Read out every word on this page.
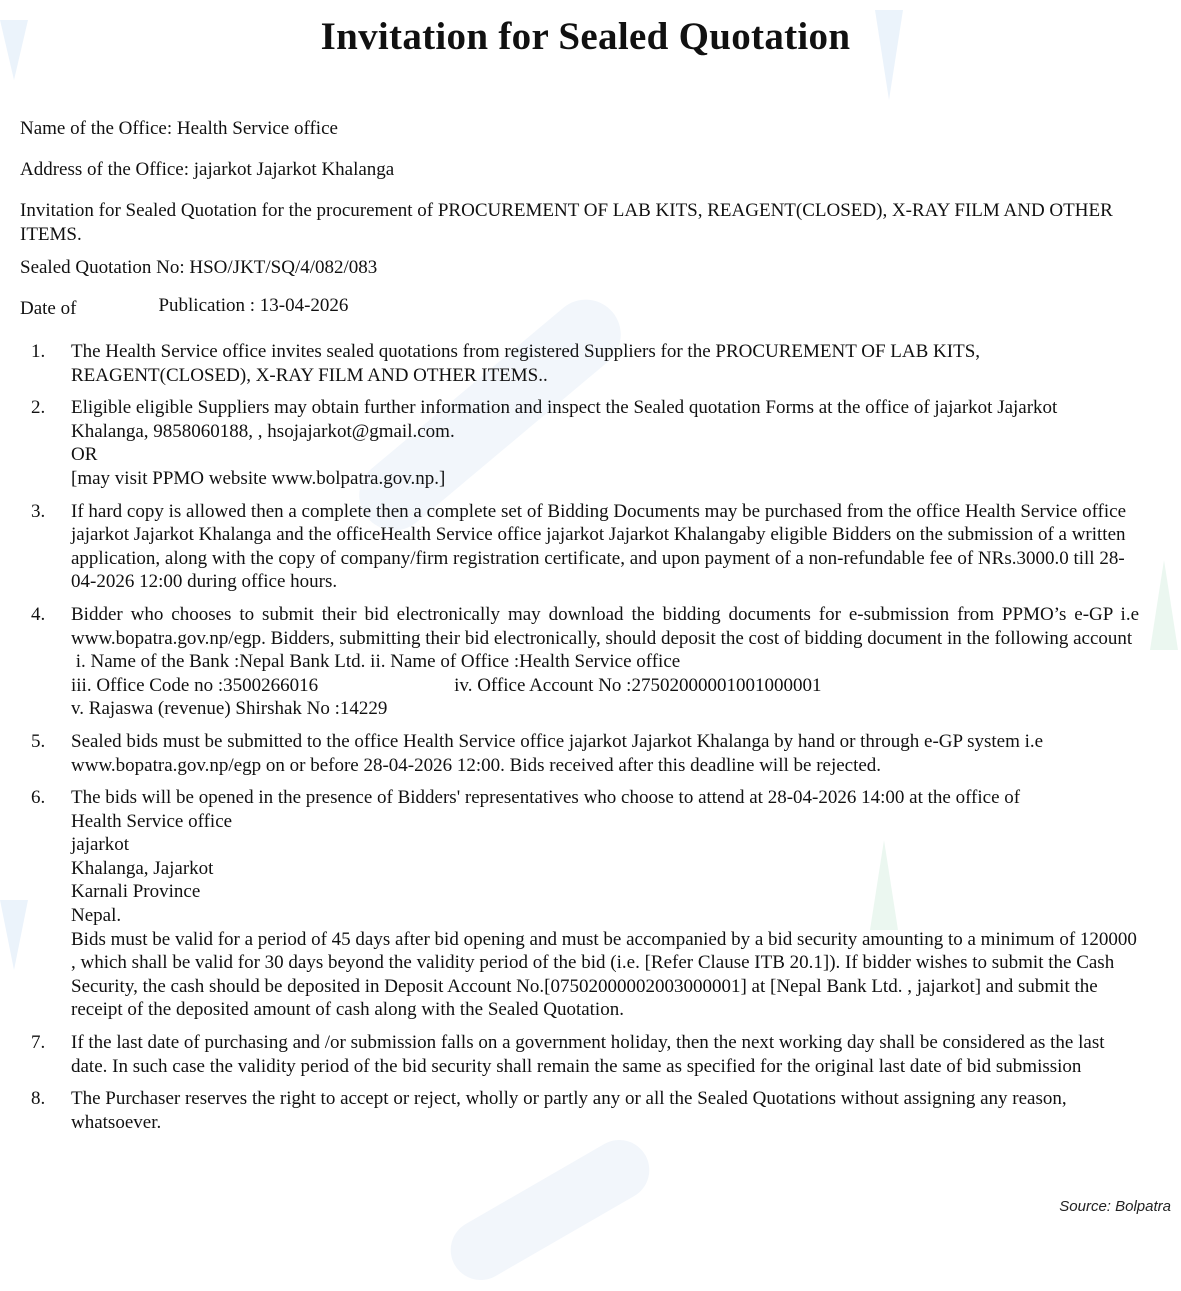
Invitation for Sealed Quotation
Name of the Office: Health Service office
Address of the Office: jajarkot Jajarkot Khalanga
Invitation for Sealed Quotation for the procurement of PROCUREMENT OF LAB KITS, REAGENT(CLOSED), X-RAY FILM AND OTHER ITEMS.
Sealed Quotation No: HSO/JKT/SQ/4/082/083
Date of	Publication : 13-04-2026
1. The Health Service office invites sealed quotations from registered Suppliers for the PROCUREMENT OF LAB KITS, REAGENT(CLOSED), X-RAY FILM AND OTHER ITEMS..
2. Eligible eligible Suppliers may obtain further information and inspect the Sealed quotation Forms at the office of jajarkot Jajarkot Khalanga, 9858060188, , hsojajarkot@gmail.com.
OR
[may visit PPMO website www.bolpatra.gov.np.]
3. If hard copy is allowed then a complete then a complete set of Bidding Documents may be purchased from the office Health Service office jajarkot Jajarkot Khalanga and the officeHealth Service office jajarkot Jajarkot Khalangaby eligible Bidders on the submission of a written application, along with the copy of company/firm registration certificate, and upon payment of a non-refundable fee of NRs.3000.0 till 28-04-2026 12:00 during office hours.
4. Bidder who chooses to submit their bid electronically may download the bidding documents for e-submission from PPMO’s e-GP i.e www.bopatra.gov.np/egp. Bidders, submitting their bid electronically, should deposit the cost of bidding document in the following account
i. Name of the Bank :Nepal Bank Ltd. ii. Name of Office :Health Service office
iii. Office Code no :3500266016	iv. Office Account No :27502000001001000001
v. Rajaswa (revenue) Shirshak No :14229
5. Sealed bids must be submitted to the office Health Service office jajarkot Jajarkot Khalanga by hand or through e-GP system i.e www.bopatra.gov.np/egp on or before 28-04-2026 12:00. Bids received after this deadline will be rejected.
6. The bids will be opened in the presence of Bidders' representatives who choose to attend at 28-04-2026 14:00 at the office of
Health Service office
jajarkot
Khalanga, Jajarkot
Karnali Province
Nepal.
Bids must be valid for a period of 45 days after bid opening and must be accompanied by a bid security amounting to a minimum of 120000 , which shall be valid for 30 days beyond the validity period of the bid (i.e. [Refer Clause ITB 20.1]). If bidder wishes to submit the Cash Security, the cash should be deposited in Deposit Account No.[07502000002003000001] at [Nepal Bank Ltd. , jajarkot] and submit the receipt of the deposited amount of cash along with the Sealed Quotation.
7. If the last date of purchasing and /or submission falls on a government holiday, then the next working day shall be considered as the last date. In such case the validity period of the bid security shall remain the same as specified for the original last date of bid submission
8. The Purchaser reserves the right to accept or reject, wholly or partly any or all the Sealed Quotations without assigning any reason, whatsoever.
Source: Bolpatra
